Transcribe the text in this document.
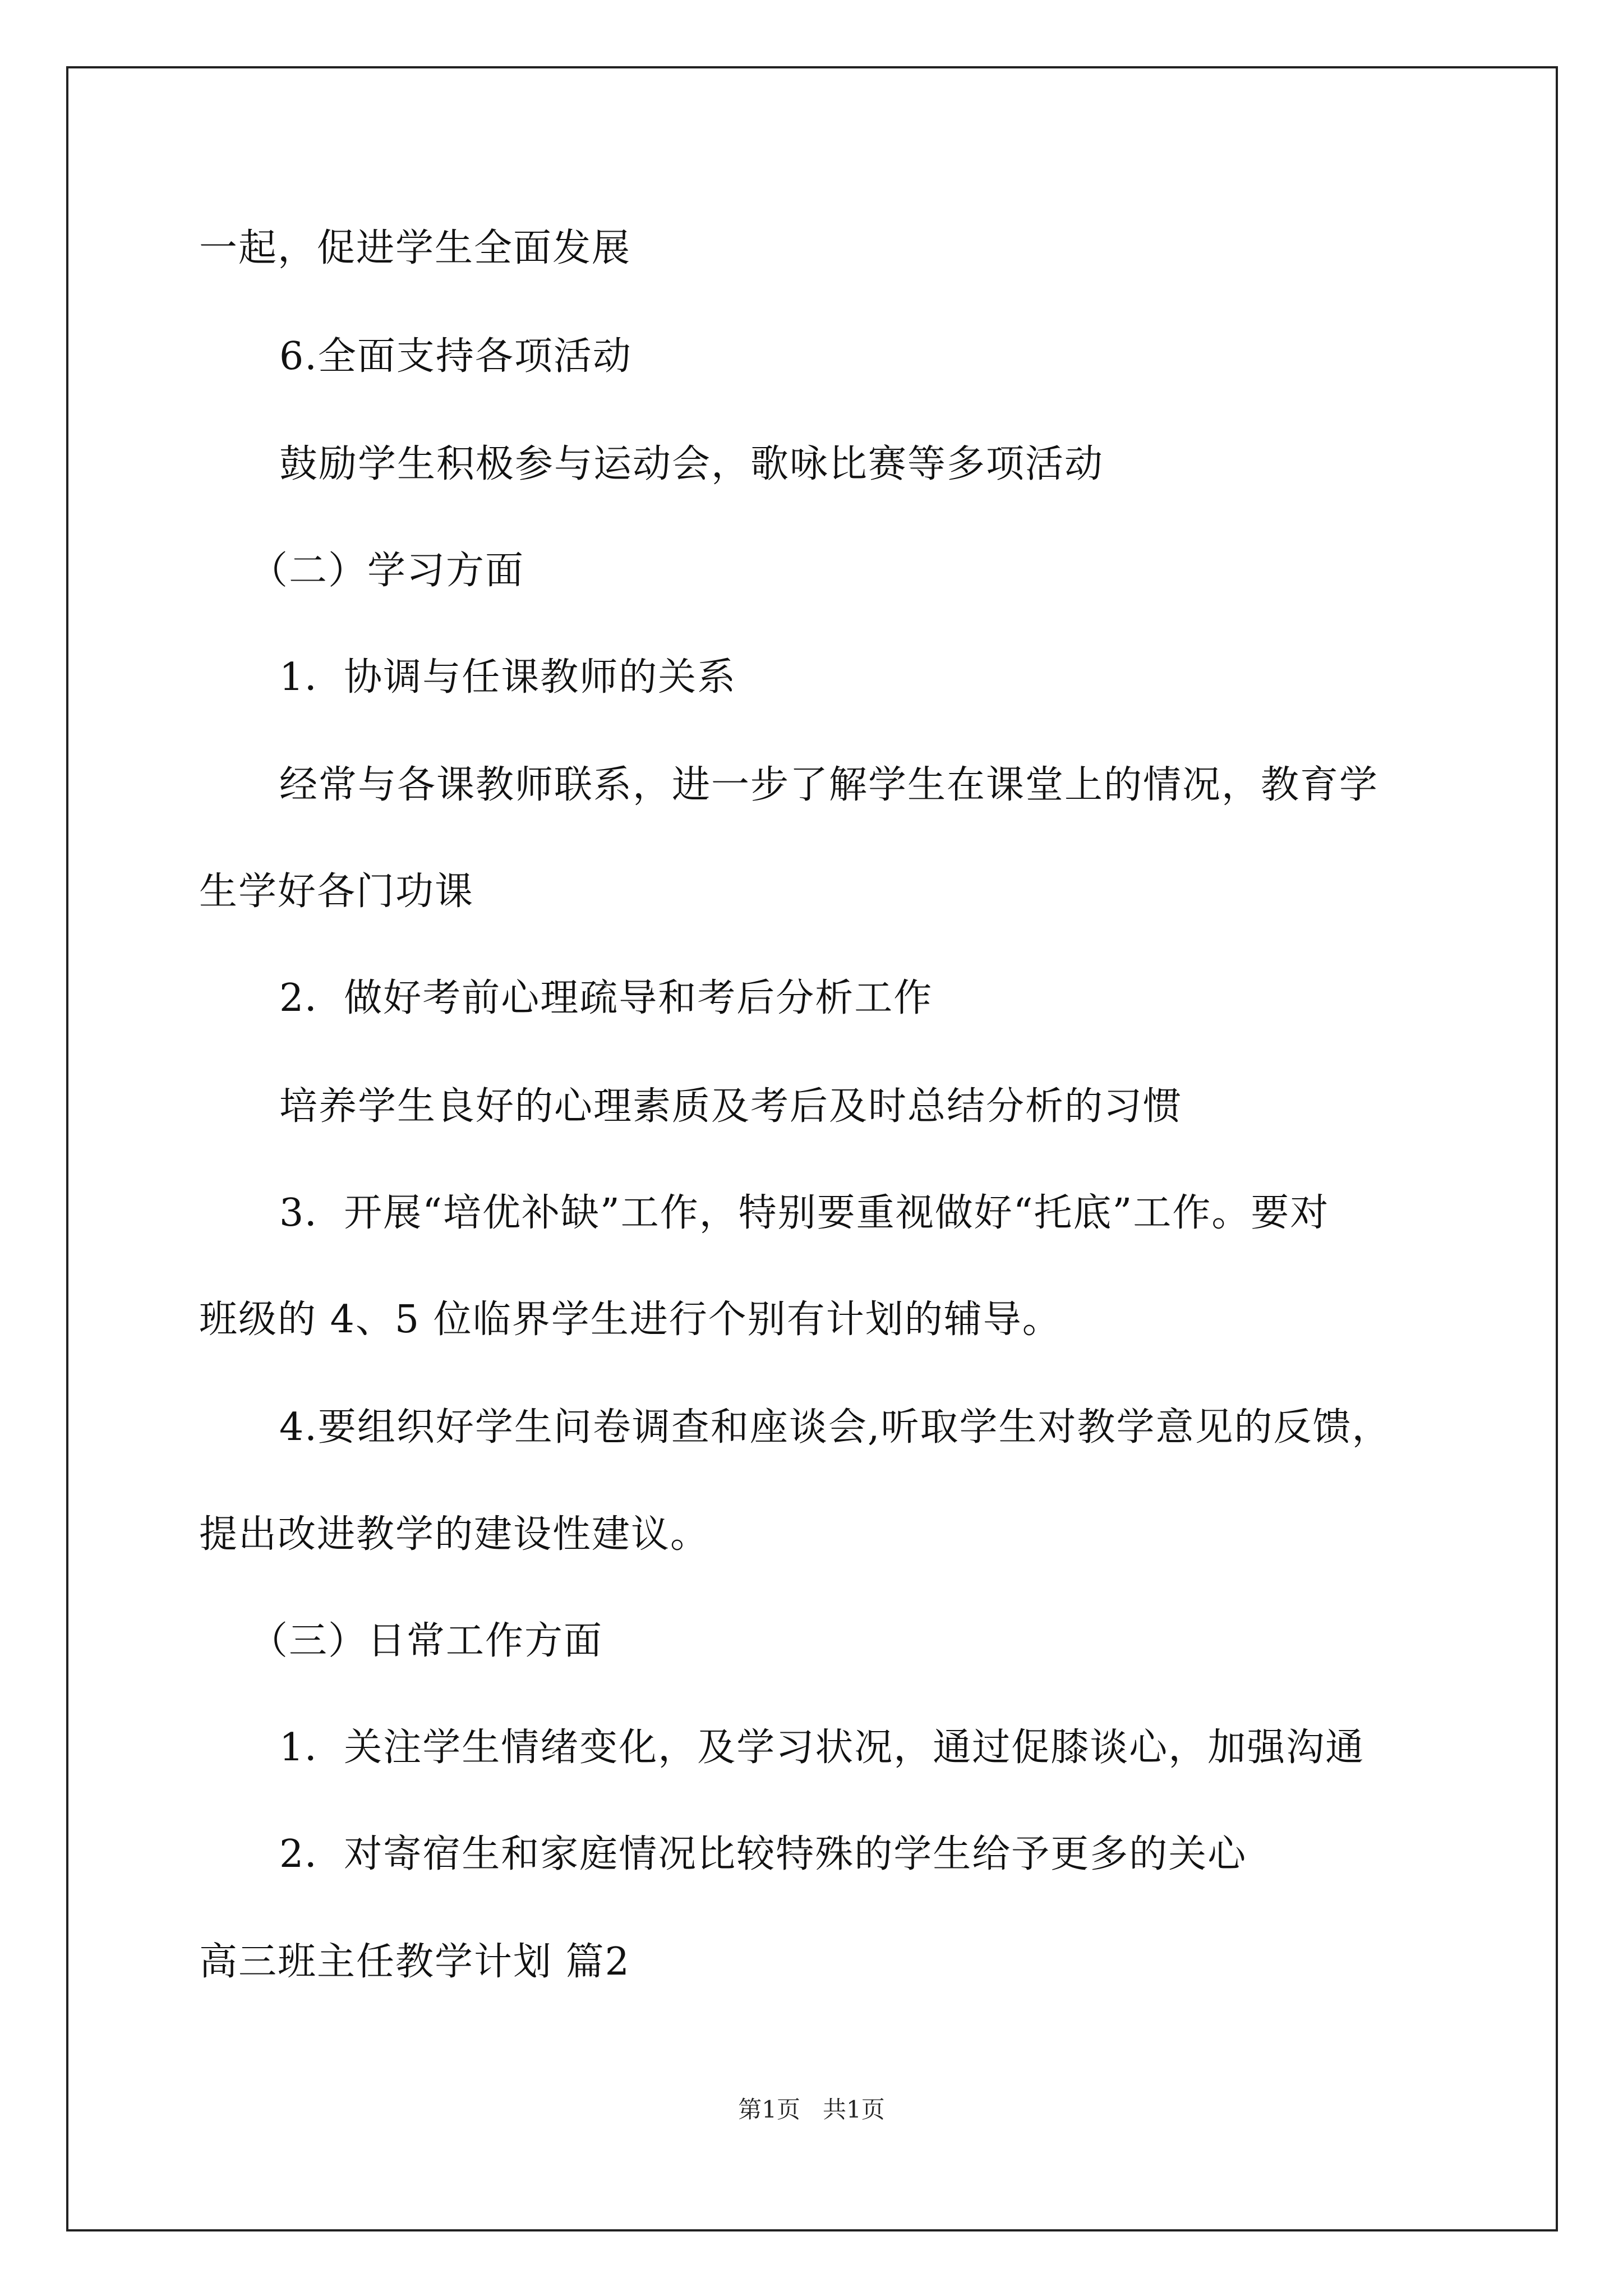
一起，促进学生全面发展

6.全面支持各项活动

鼓励学生积极参与运动会，歌咏比赛等多项活动

（二）学习方面

1．协调与任课教师的关系

经常与各课教师联系，进一步了解学生在课堂上的情况，教育学

生学好各门功课

2．做好考前心理疏导和考后分析工作

培养学生良好的心理素质及考后及时总结分析的习惯

3．开展“培优补缺”工作，特别要重视做好“托底”工作。要对

班级的 4、5 位临界学生进行个别有计划的辅导。

4.要组织好学生问卷调查和座谈会,听取学生对教学意见的反馈，

提出改进教学的建设性建议。

（三）日常工作方面

1．关注学生情绪变化，及学习状况，通过促膝谈心，加强沟通

2．对寄宿生和家庭情况比较特殊的学生给予更多的关心

高三班主任教学计划 篇2

第1页   共1页
